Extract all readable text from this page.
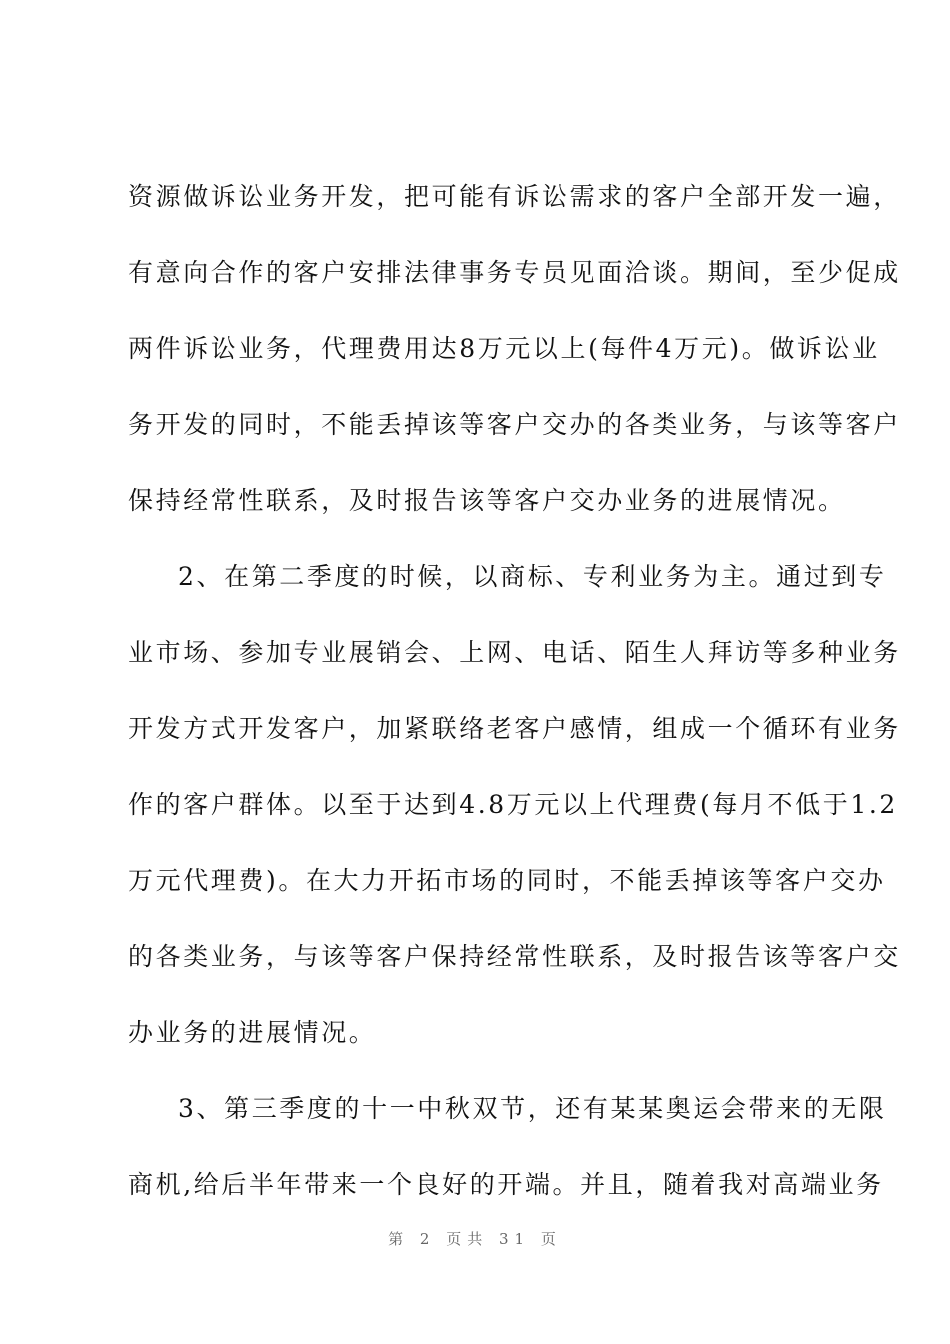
资源做诉讼业务开发，把可能有诉讼需求的客户全部开发一遍，
有意向合作的客户安排法律事务专员见面洽谈。期间，至少促成
两件诉讼业务，代理费用达8万元以上(每件4万元)。做诉讼业
务开发的同时，不能丢掉该等客户交办的各类业务，与该等客户
保持经常性联系，及时报告该等客户交办业务的进展情况。
2、在第二季度的时候，以商标、专利业务为主。通过到专
业市场、参加专业展销会、上网、电话、陌生人拜访等多种业务
开发方式开发客户，加紧联络老客户感情，组成一个循环有业务
作的客户群体。以至于达到4.8万元以上代理费(每月不低于1.2
万元代理费)。在大力开拓市场的同时，不能丢掉该等客户交办
的各类业务，与该等客户保持经常性联系，及时报告该等客户交
办业务的进展情况。
3、第三季度的十一中秋双节，还有某某奥运会带来的无限
商机,给后半年带来一个良好的开端。并且，随着我对高端业务
第 2 页共 31 页
